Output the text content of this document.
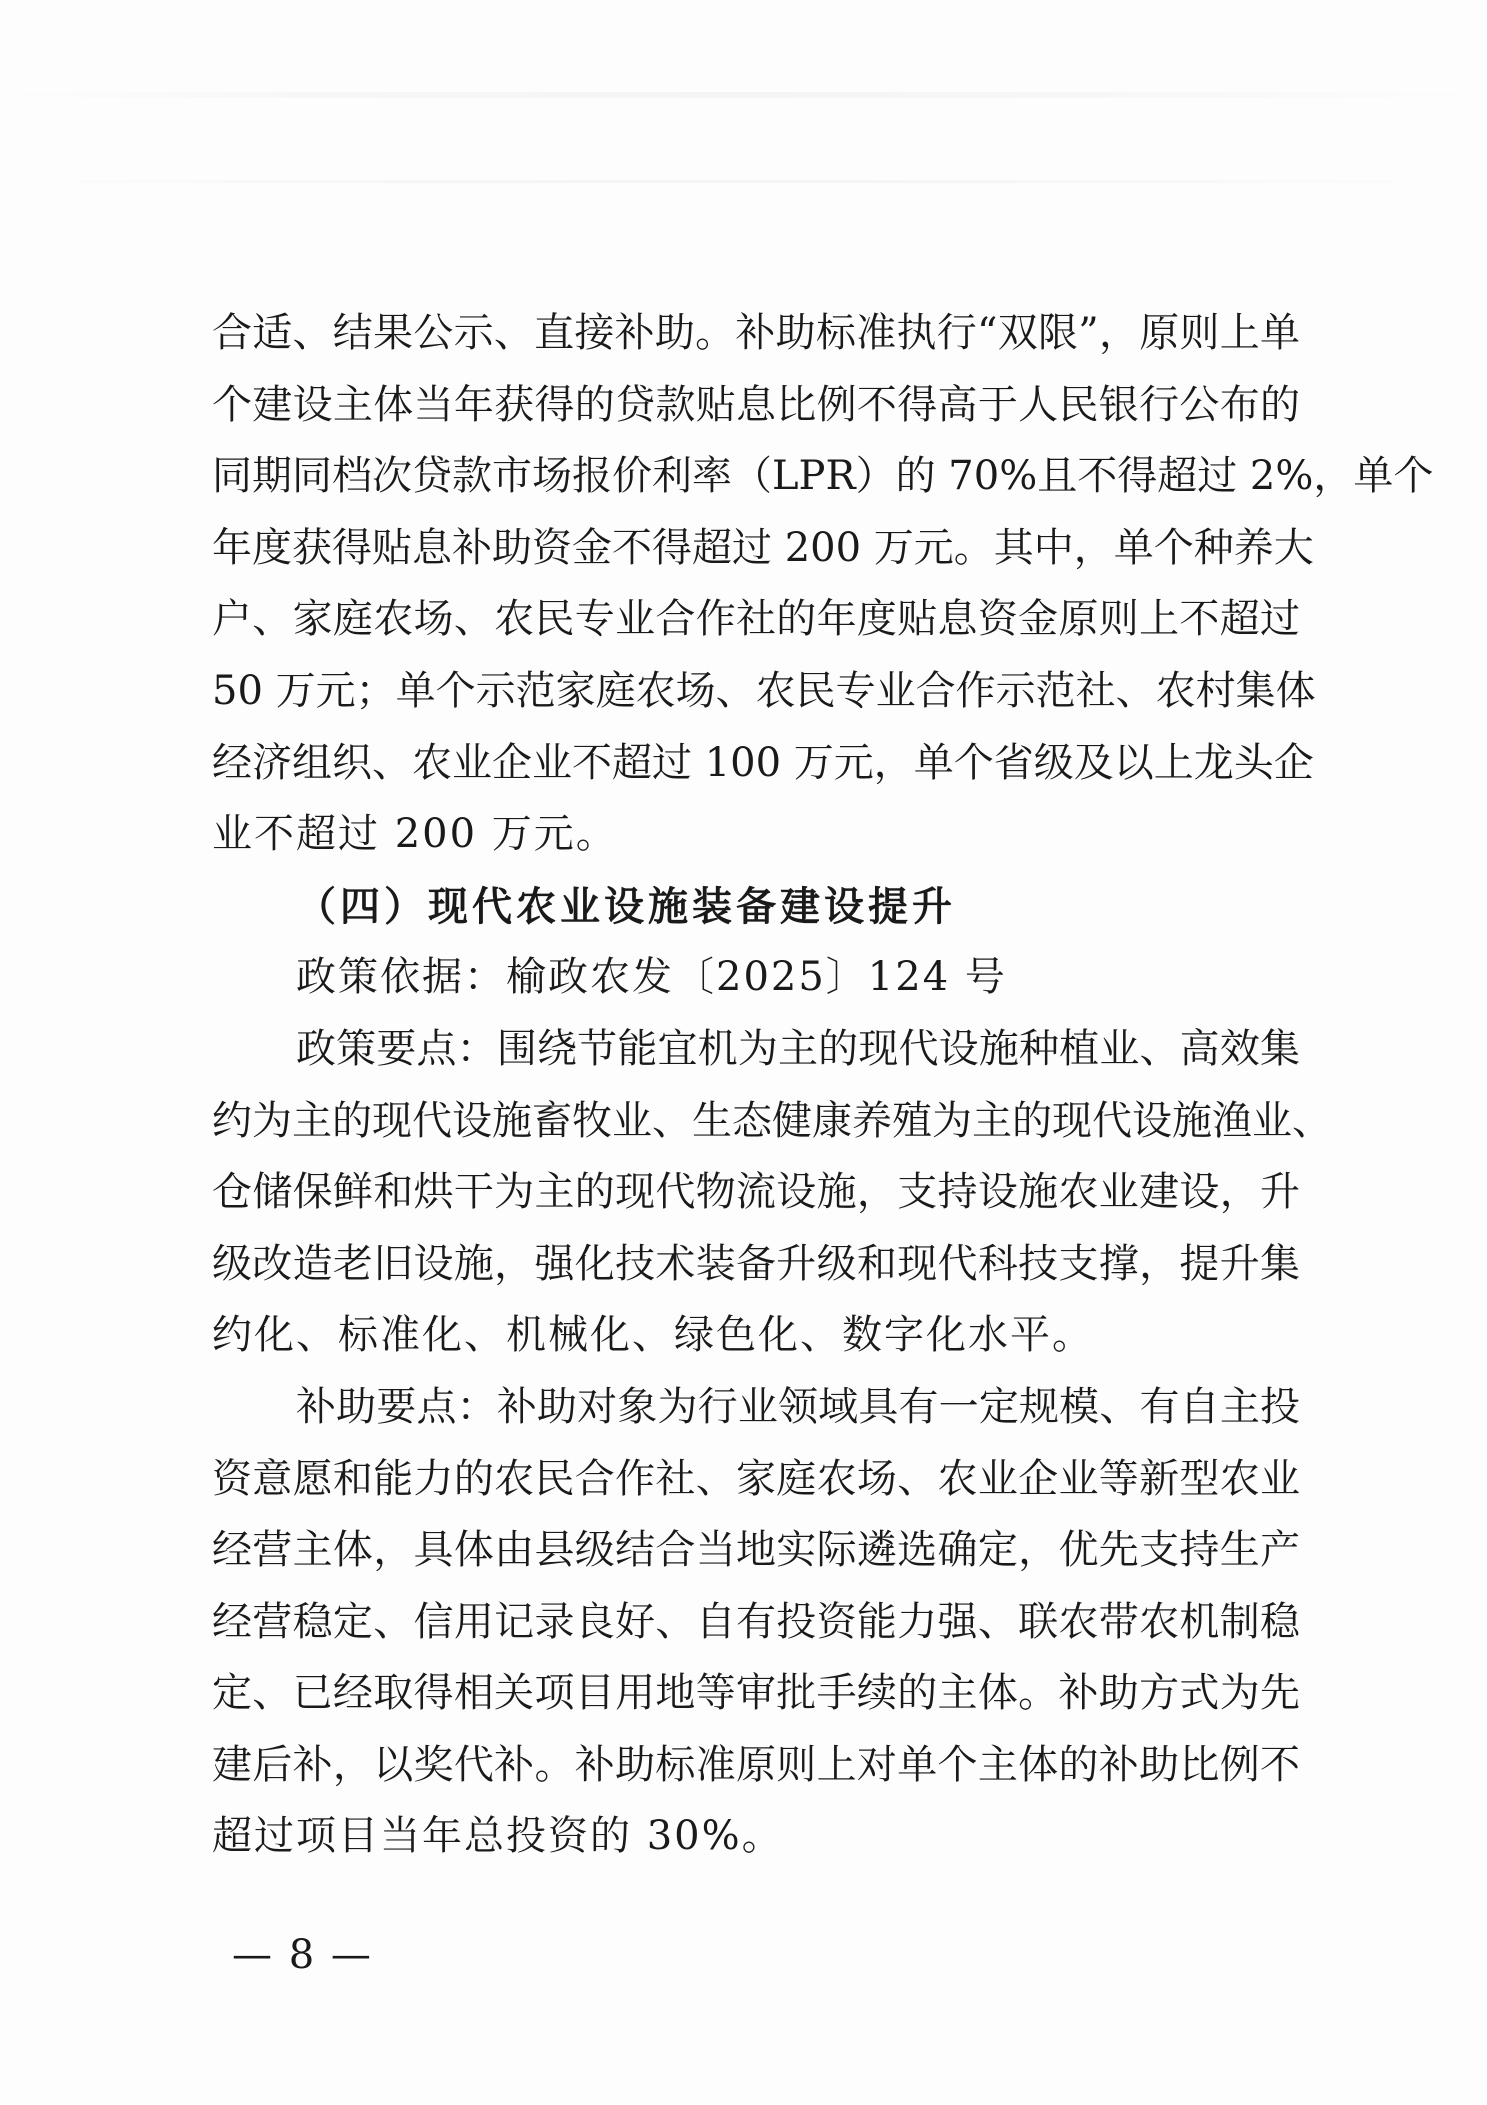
合适、结果公示、直接补助。补助标准执行“双限”，原则上单
个建设主体当年获得的贷款贴息比例不得高于人民银行公布的
同期同档次贷款市场报价利率（LPR）的 70%且不得超过 2%，单个
年度获得贴息补助资金不得超过 200 万元。其中，单个种养大
户、家庭农场、农民专业合作社的年度贴息资金原则上不超过
50 万元；单个示范家庭农场、农民专业合作示范社、农村集体
经济组织、农业企业不超过 100 万元，单个省级及以上龙头企
业不超过 200 万元。
（四）现代农业设施装备建设提升
政策依据：榆政农发〔2025〕124 号
政策要点：围绕节能宜机为主的现代设施种植业、高效集
约为主的现代设施畜牧业、生态健康养殖为主的现代设施渔业、
仓储保鲜和烘干为主的现代物流设施，支持设施农业建设，升
级改造老旧设施，强化技术装备升级和现代科技支撑，提升集
约化、标准化、机械化、绿色化、数字化水平。
补助要点：补助对象为行业领域具有一定规模、有自主投
资意愿和能力的农民合作社、家庭农场、农业企业等新型农业
经营主体，具体由县级结合当地实际遴选确定，优先支持生产
经营稳定、信用记录良好、自有投资能力强、联农带农机制稳
定、已经取得相关项目用地等审批手续的主体。补助方式为先
建后补，以奖代补。补助标准原则上对单个主体的补助比例不
超过项目当年总投资的 30%。
— 8 —
